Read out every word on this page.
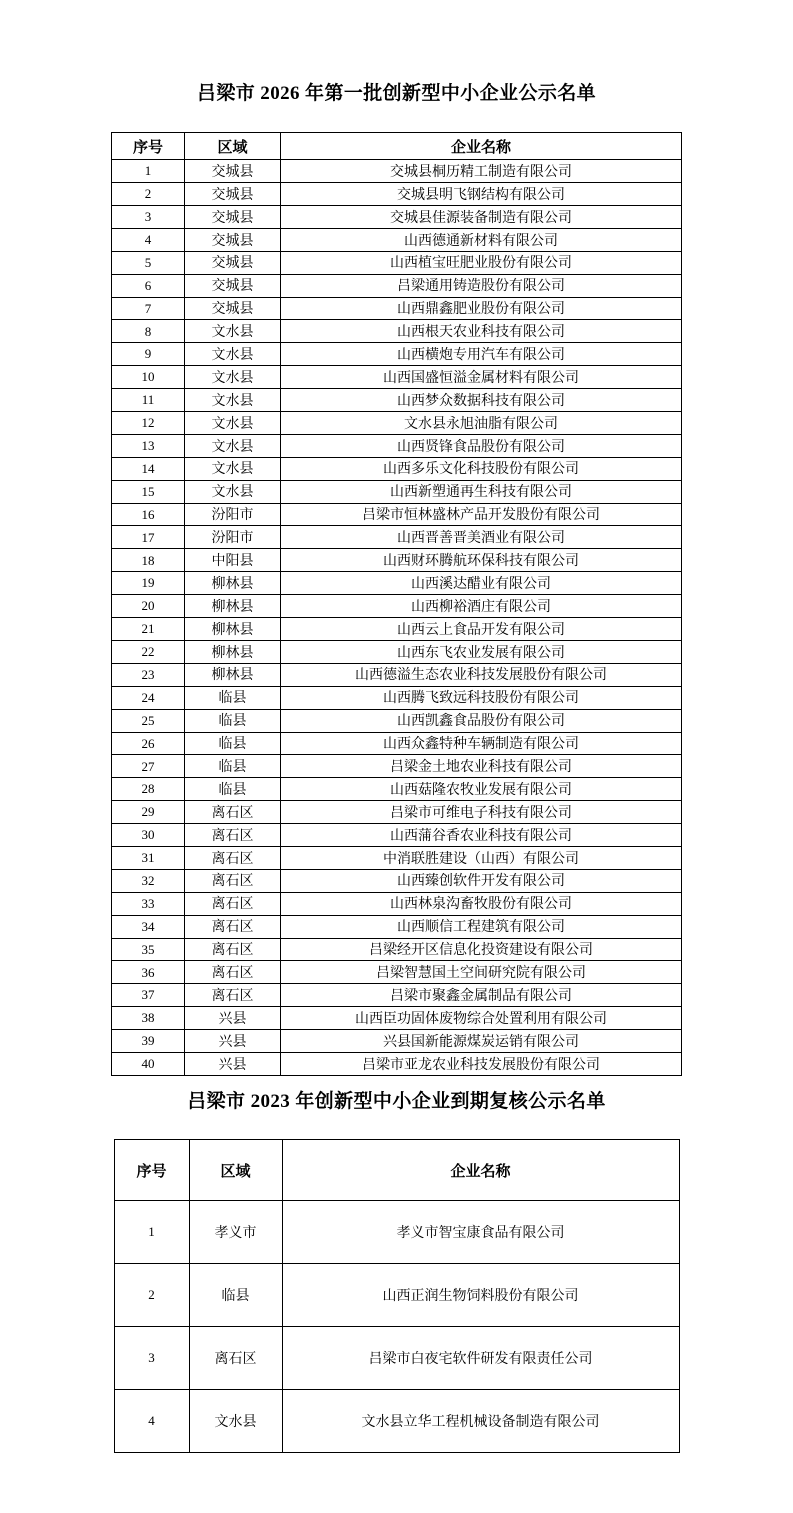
吕梁市 2026 年第一批创新型中小企业公示名单
序号	区域	企业名称
1	交城县	交城县桐历精工制造有限公司
2	交城县	交城县明飞钢结构有限公司
3	交城县	交城县佳源装备制造有限公司
4	交城县	山西德通新材料有限公司
5	交城县	山西植宝旺肥业股份有限公司
6	交城县	吕梁通用铸造股份有限公司
7	交城县	山西鼎鑫肥业股份有限公司
8	文水县	山西根天农业科技有限公司
9	文水县	山西横炮专用汽车有限公司
10	文水县	山西国盛恒溢金属材料有限公司
11	文水县	山西梦众数据科技有限公司
12	文水县	文水县永旭油脂有限公司
13	文水县	山西贤锋食品股份有限公司
14	文水县	山西多乐文化科技股份有限公司
15	文水县	山西新塑通再生科技有限公司
16	汾阳市	吕梁市恒林盛林产品开发股份有限公司
17	汾阳市	山西晋善晋美酒业有限公司
18	中阳县	山西财环腾航环保科技有限公司
19	柳林县	山西溪达醋业有限公司
20	柳林县	山西柳裕酒庄有限公司
21	柳林县	山西云上食品开发有限公司
22	柳林县	山西东飞农业发展有限公司
23	柳林县	山西德溢生态农业科技发展股份有限公司
24	临县	山西腾飞致远科技股份有限公司
25	临县	山西凯鑫食品股份有限公司
26	临县	山西众鑫特种车辆制造有限公司
27	临县	吕梁金土地农业科技有限公司
28	临县	山西菇隆农牧业发展有限公司
29	离石区	吕梁市可维电子科技有限公司
30	离石区	山西蒲谷香农业科技有限公司
31	离石区	中消联胜建设（山西）有限公司
32	离石区	山西臻创软件开发有限公司
33	离石区	山西林泉沟畜牧股份有限公司
34	离石区	山西顺信工程建筑有限公司
35	离石区	吕梁经开区信息化投资建设有限公司
36	离石区	吕梁智慧国土空间研究院有限公司
37	离石区	吕梁市聚鑫金属制品有限公司
38	兴县	山西臣功固体废物综合处置利用有限公司
39	兴县	兴县国新能源煤炭运销有限公司
40	兴县	吕梁市亚龙农业科技发展股份有限公司
吕梁市 2023 年创新型中小企业到期复核公示名单
序号	区域	企业名称
1	孝义市	孝义市智宝康食品有限公司
2	临县	山西正润生物饲料股份有限公司
3	离石区	吕梁市白夜宅软件研发有限责任公司
4	文水县	文水县立华工程机械设备制造有限公司
